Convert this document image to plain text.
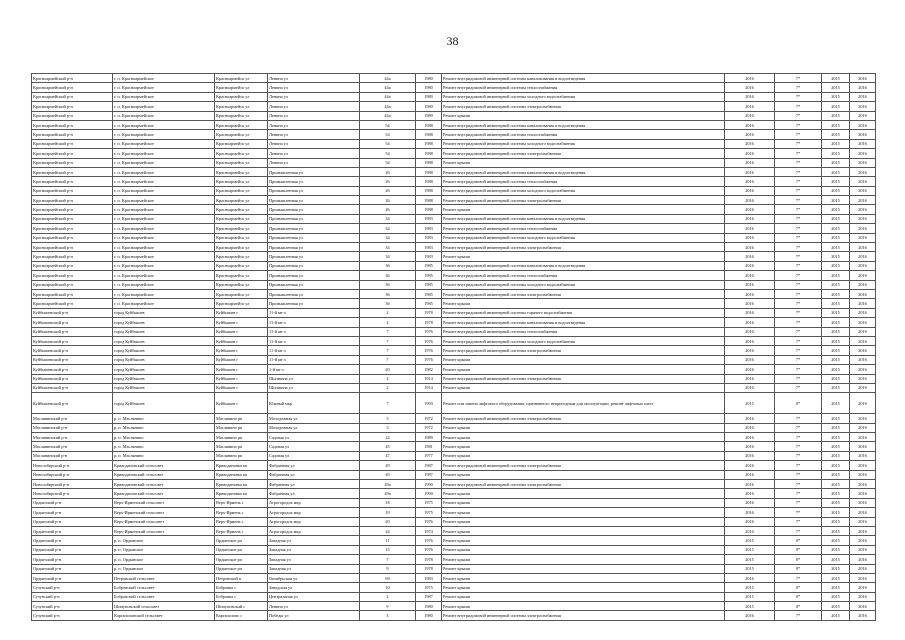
38
Красноармейский р-н	г. п. Красноармейское	Красноармейск ул	Ленина ул	44а	1980	Ремонт внутридомовой инженерной системы канализования и водоотведения	2016	7*	2015	2016
Красноармейский р-н	г. п. Красноармейское	Красноармейск ул	Ленина ул	44а	1980	Ремонт внутридомовой инженерной системы теплоснабжения	2016	7*	2015	2016
Красноармейский р-н	г. п. Красноармейское	Красноармейск ул	Ленина ул	44а	1980	Ремонт внутридомовой инженерной системы холодного водоснабжения	2016	7*	2015	2016
Красноармейский р-н	г. п. Красноармейское	Красноармейск ул	Ленина ул	44а	1980	Ремонт внутридомовой инженерной системы электроснабжения	2016	7*	2015	2016
Красноармейский р-н	г. п. Красноармейское	Красноармейск ул	Ленина ул	44а	1980	Ремонт крыши	2016	7*	2015	2016
Красноармейский р-н	г. п. Красноармейское	Красноармейск ул	Ленина ул	54	1988	Ремонт внутридомовой инженерной системы канализования и водоотведения	2016	7*	2015	2016
Красноармейский р-н	г. п. Красноармейское	Красноармейск ул	Ленина ул	54	1988	Ремонт внутридомовой инженерной системы теплоснабжения	2016	7*	2015	2016
Красноармейский р-н	г. п. Красноармейское	Красноармейск ул	Ленина ул	54	1988	Ремонт внутридомовой инженерной системы холодного водоснабжения	2016	7*	2015	2016
Красноармейский р-н	г. п. Красноармейское	Красноармейск ул	Ленина ул	54	1988	Ремонт внутридомовой инженерной системы электроснабжения	2016	7*	2015	2016
Красноармейский р-н	г. п. Красноармейское	Красноармейск ул	Ленина ул	54	1988	Ремонт крыши	2016	7*	2015	2016
Красноармейский р-н	г. п. Красноармейское	Красноармейск ул	Промышленная ул	26	1988	Ремонт внутридомовой инженерной системы канализования и водоотведения	2016	7*	2015	2016
Красноармейский р-н	г. п. Красноармейское	Красноармейск ул	Промышленная ул	26	1988	Ремонт внутридомовой инженерной системы теплоснабжения	2016	7*	2015	2016
Красноармейский р-н	г. п. Красноармейское	Красноармейск ул	Промышленная ул	26	1988	Ремонт внутридомовой инженерной системы холодного водоснабжения	2016	7*	2015	2016
Красноармейский р-н	г. п. Красноармейское	Красноармейск ул	Промышленная ул	26	1988	Ремонт внутридомовой инженерной системы электроснабжения	2016	7*	2015	2016
Красноармейский р-н	г. п. Красноармейское	Красноармейск ул	Промышленная ул	26	1988	Ремонт крыши	2016	7*	2015	2016
Красноармейский р-н	г. п. Красноармейское	Красноармейск ул	Промышленная ул	34	1983	Ремонт внутридомовой инженерной системы канализования и водоотведения	2016	7*	2015	2016
Красноармейский р-н	г. п. Красноармейское	Красноармейск ул	Промышленная ул	34	1983	Ремонт внутридомовой инженерной системы теплоснабжения	2016	7*	2015	2016
Красноармейский р-н	г. п. Красноармейское	Красноармейск ул	Промышленная ул	34	1983	Ремонт внутридомовой инженерной системы холодного водоснабжения	2016	7*	2015	2016
Красноармейский р-н	г. п. Красноармейское	Красноармейск ул	Промышленная ул	34	1983	Ремонт внутридомовой инженерной системы электроснабжения	2016	7*	2015	2016
Красноармейский р-н	г. п. Красноармейское	Красноармейск ул	Промышленная ул	34	1983	Ремонт крыши	2016	7*	2015	2016
Красноармейский р-н	г. п. Красноармейское	Красноармейск ул	Промышленная ул	36	1985	Ремонт внутридомовой инженерной системы канализования и водоотведения	2016	7*	2015	2016
Красноармейский р-н	г. п. Красноармейское	Красноармейск ул	Промышленная ул	36	1985	Ремонт внутридомовой инженерной системы теплоснабжения	2016	7*	2015	2016
Красноармейский р-н	г. п. Красноармейское	Красноармейск ул	Промышленная ул	36	1985	Ремонт внутридомовой инженерной системы холодного водоснабжения	2016	7*	2015	2016
Красноармейский р-н	г. п. Красноармейское	Красноармейск ул	Промышленная ул	36	1985	Ремонт внутридомовой инженерной системы электроснабжения	2016	7*	2015	2016
Красноармейский р-н	г. п. Красноармейское	Красноармейск ул	Промышленная ул	36	1985	Ремонт крыши	2016	7*	2015	2016
Куйбышевский р-н	город Куйбышев	Куйбышев г	11-й кв-л	2	1978	Ремонт внутридомовой инженерной системы горячего водоснабжения	2016	7*	2015	2016
Куйбышевский р-н	город Куйбышев	Куйбышев г	11-й кв-л	2	1978	Ремонт внутридомовой инженерной системы канализования и водоотведения	2016	7*	2015	2016
Куйбышевский р-н	город Куйбышев	Куйбышев г	11-й кв-л	7	1976	Ремонт внутридомовой инженерной системы теплоснабжения	2016	7*	2015	2016
Куйбышевский р-н	город Куйбышев	Куйбышев г	11-й кв-л	7	1976	Ремонт внутридомовой инженерной системы холодного водоснабжения	2016	7*	2015	2016
Куйбышевский р-н	город Куйбышев	Куйбышев г	11-й кв-л	7	1976	Ремонт внутридомовой инженерной системы электроснабжения	2016	7*	2015	2016
Куйбышевский р-н	город Куйбышев	Куйбышев г	11-й кв-л	7	1976	Ремонт крыши	2016	7*	2015	2016
Куйбышевский р-н	город Куйбышев	Куйбышев г	1-й кв-л	20	1982	Ремонт крыши	2016	7*	2015	2016
Куйбышевский р-н	город Куйбышев	Куйбышев г	Шилишна ул	2	1914	Ремонт внутридомовой инженерной системы электроснабжения	2016	7*	2015	2016
Куйбышевский р-н	город Куйбышев	Куйбышев г	Шилишна ул	2	1914	Ремонт крыши	2016	7*	2015	2016
Куйбышевский р-н	город Куйбышев	Куйбышев г	Южный мкр	7	1993	Ремонт или замена лифтового оборудования, признанного непригодным для эксплуатации, ремонт лифтовых шахт	2015	8*	2015	2016
Маслянинский р-н	р. п. Маслянино	Маслянино рп	Молодежная ул	3	1972	Ремонт внутридомовой инженерной системы электроснабжения	2016	7*	2015	2016
Маслянинский р-н	р. п. Маслянино	Маслянино рп	Молодежная ул	3	1972	Ремонт крыши	2016	7*	2015	2016
Маслянинский р-н	р. п. Маслянино	Маслянино рп	Садовая ул	24	1989	Ремонт крыши	2016	7*	2015	2016
Маслянинский р-н	р. п. Маслянино	Маслянино рп	Садовая ул	45	1981	Ремонт крыши	2016	7*	2015	2016
Маслянинский р-н	р. п. Маслянино	Маслянино рп	Садовая ул	47	1977	Ремонт крыши	2016	7*	2015	2016
Новосибирский р-н	Криводановский сельсовет	Криводановка кп	Фабричная ул	49	1987	Ремонт внутридомовой инженерной системы электроснабжения	2016	7*	2015	2016
Новосибирский р-н	Криводановский сельсовет	Криводановка кп	Фабричная ул	49	1987	Ремонт крыши	2016	7*	2015	2016
Новосибирский р-н	Криводановский сельсовет	Криводановка кп	Фабричная ул	49а	1990	Ремонт внутридомовой инженерной системы электроснабжения	2016	7*	2015	2016
Новосибирский р-н	Криводановский сельсовет	Криводановка кп	Фабричная ул	49а	1990	Ремонт крыши	2016	7*	2015	2016
Ордынский р-н	Верх-Ирменский сельсовет	Верх-Ирмень с	Агрогородок мкр	18	1975	Ремонт крыши	2016	7*	2015	2016
Ордынский р-н	Верх-Ирменский сельсовет	Верх-Ирмень с	Агрогородок мкр	19	1975	Ремонт крыши	2016	7*	2015	2016
Ордынский р-н	Верх-Ирменский сельсовет	Верх-Ирмень с	Агрогородок мкр	20	1976	Ремонт крыши	2016	7*	2015	2016
Ордынский р-н	Верх-Ирменский сельсовет	Верх-Ирмень с	Агрогородок мкр	24	1974	Ремонт крыши	2016	7*	2015	2016
Ордынский р-н	р. п. Ордынское	Ордынское рп	Западная ул	11	1976	Ремонт крыши	2015	8*	2015	2016
Ордынский р-н	р. п. Ордынское	Ордынское рп	Западная ул	15	1976	Ремонт крыши	2015	8*	2015	2016
Ордынский р-н	р. п. Ордынское	Ордынское рп	Западная ул	7	1978	Ремонт крыши	2015	8*	2015	2016
Ордынский р-н	р. п. Ордынское	Ордынское рп	Западная ул	9	1978	Ремонт крыши	2015	8*	2015	2016
Ордынский р-н	Петровский сельсовет	Петровский п	Октябрьская ул	69	1983	Ремонт крыши	2016	7*	2015	2016
Сузунский р-н	Бобровский сельсовет	Бобровка с	Заводская ул	10	1975	Ремонт крыши	2015	8*	2015	2016
Сузунский р-н	Бобровский сельсовет	Бобровка с	Центральная ул	2	1987	Ремонт крыши	2015	8*	2015	2016
Сузунский р-н	Шипуновский сельсовет	Шипуновский с	Ленина ул	9	1980	Ремонт крыши	2015	8*	2015	2016
Сузунский р-н	Каргаполовский сельсовет	Каргаполово с	Победы ул	3	1980	Ремонт внутридомовой инженерной системы электроснабжения	2016	7*	2015	2016
